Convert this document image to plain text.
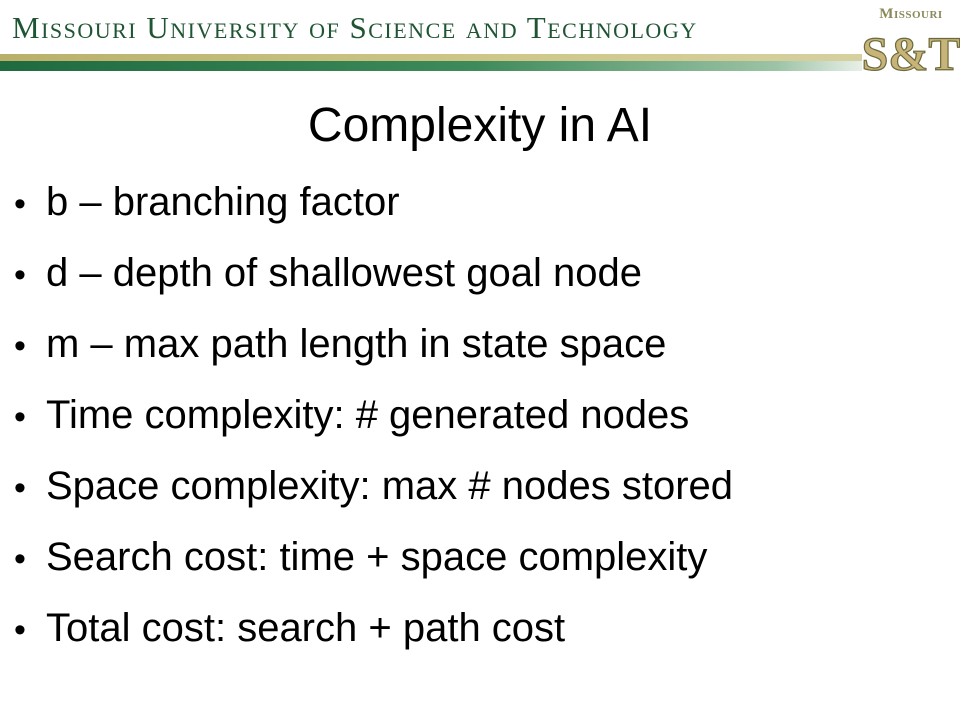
Missouri University of Science and Technology	Missouri
S&T
Complexity in AI
• b – branching factor
• d – depth of shallowest goal node
• m – max path length in state space
• Time complexity: # generated nodes
• Space complexity: max # nodes stored
• Search cost: time + space complexity
• Total cost: search + path cost
